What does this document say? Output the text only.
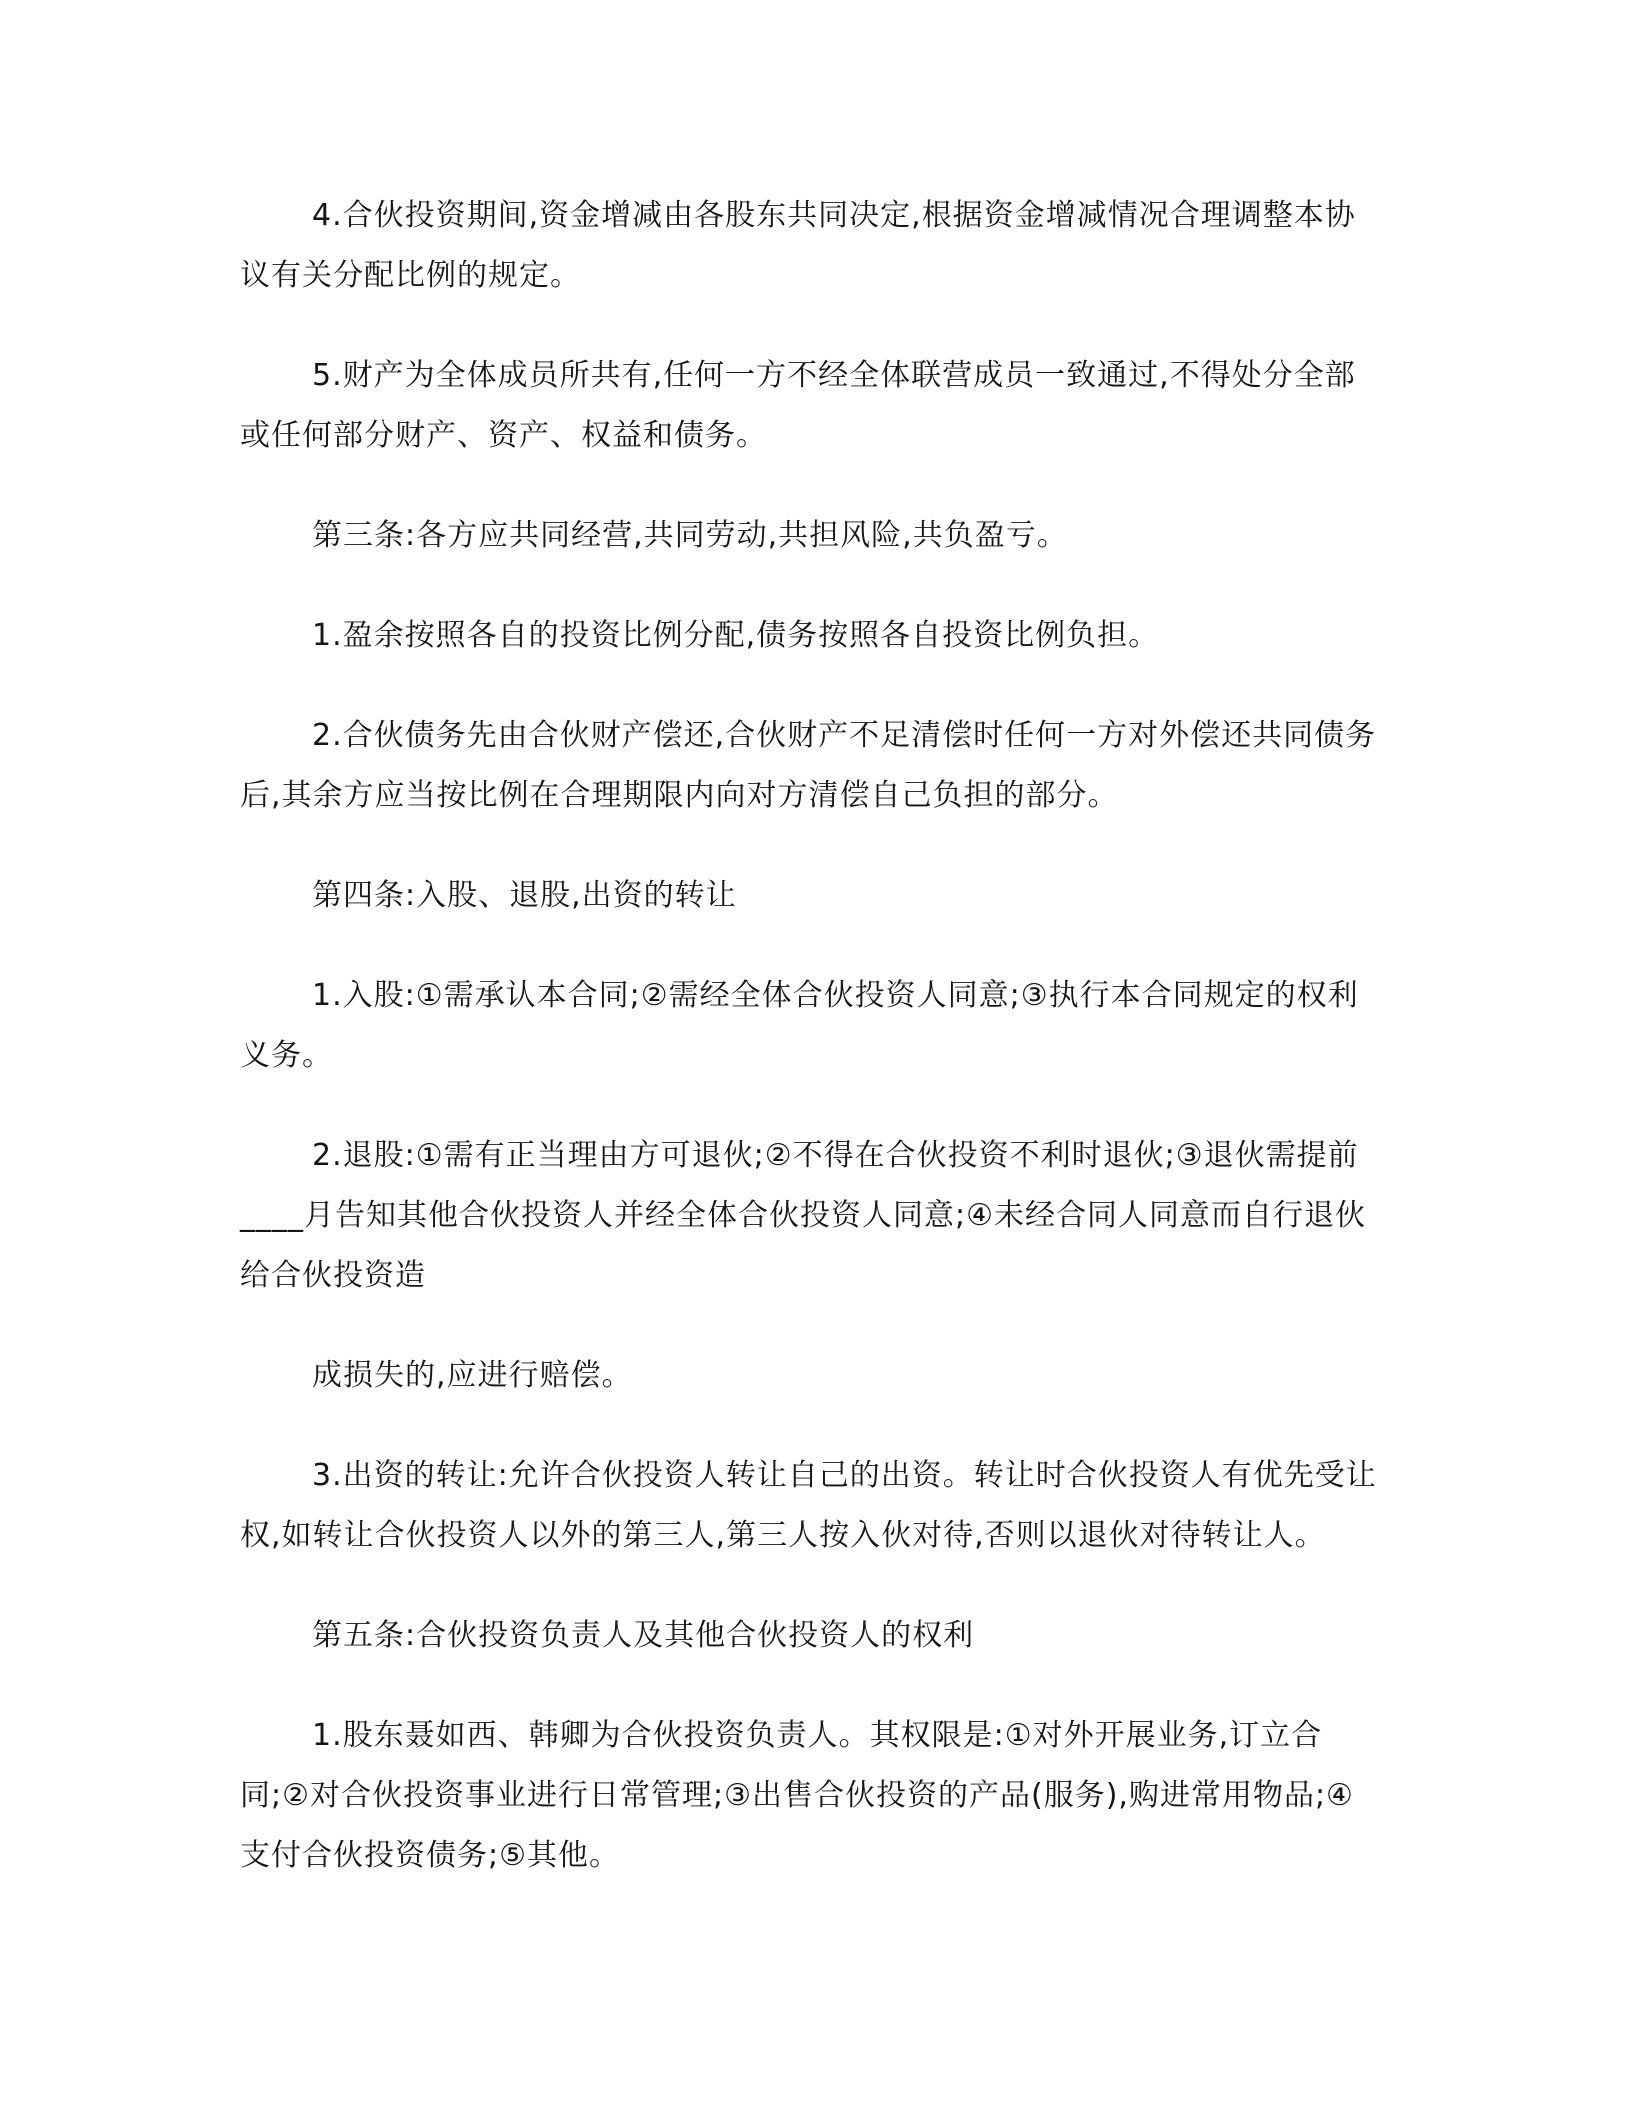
4.合伙投资期间,资金增减由各股东共同决定,根据资金增减情况合理调整本协议有关分配比例的规定。

5.财产为全体成员所共有,任何一方不经全体联营成员一致通过,不得处分全部或任何部分财产、资产、权益和债务。

第三条:各方应共同经营,共同劳动,共担风险,共负盈亏。

1.盈余按照各自的投资比例分配,债务按照各自投资比例负担。

2.合伙债务先由合伙财产偿还,合伙财产不足清偿时任何一方对外偿还共同债务后,其余方应当按比例在合理期限内向对方清偿自己负担的部分。

第四条:入股、退股,出资的转让

1.入股:①需承认本合同;②需经全体合伙投资人同意;③执行本合同规定的权利义务。

2.退股:①需有正当理由方可退伙;②不得在合伙投资不利时退伙;③退伙需提前____月告知其他合伙投资人并经全体合伙投资人同意;④未经合同人同意而自行退伙给合伙投资造

成损失的,应进行赔偿。

3.出资的转让:允许合伙投资人转让自己的出资。转让时合伙投资人有优先受让权,如转让合伙投资人以外的第三人,第三人按入伙对待,否则以退伙对待转让人。

第五条:合伙投资负责人及其他合伙投资人的权利

1.股东聂如西、韩卿为合伙投资负责人。其权限是:①对外开展业务,订立合同;②对合伙投资事业进行日常管理;③出售合伙投资的产品(服务),购进常用物品;④支付合伙投资债务;⑤其他。
